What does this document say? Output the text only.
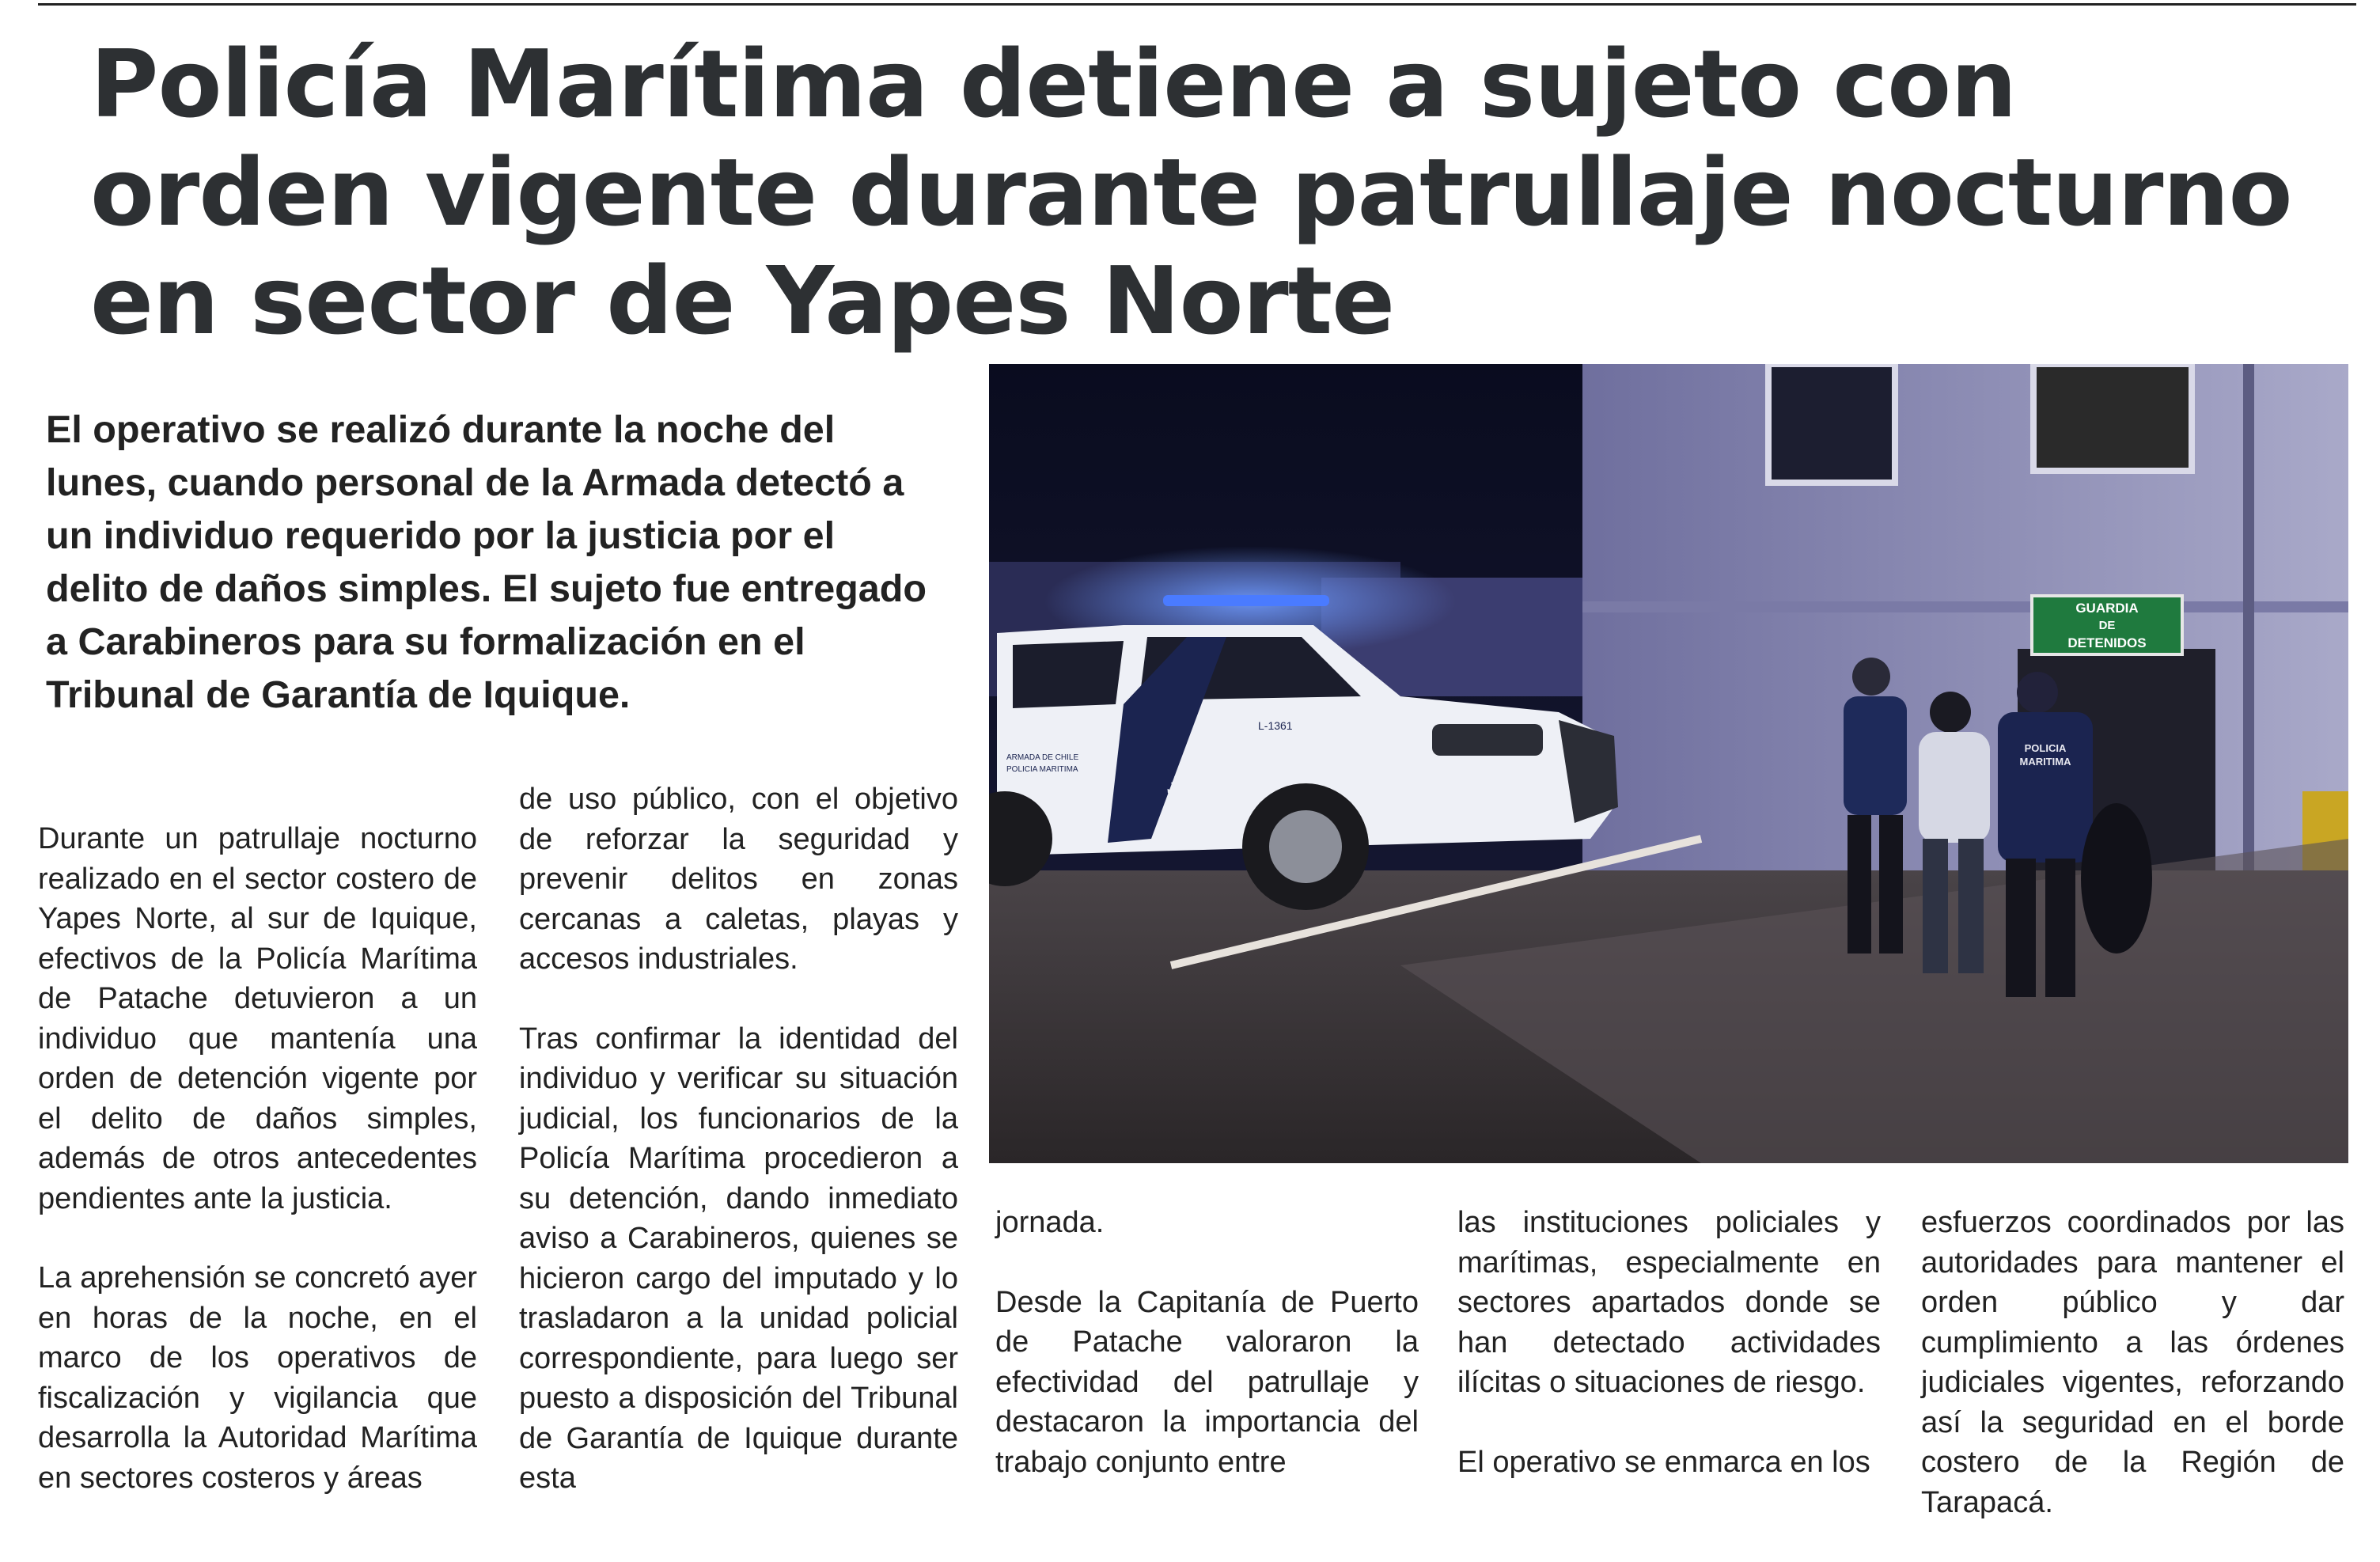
Policía Marítima detiene a sujeto con orden vigente durante patrullaje nocturno en sector de Yapes Norte

El operativo se realizó durante la noche del lunes, cuando personal de la Armada detectó a un individuo requerido por la justicia por el delito de daños simples. El sujeto fue entregado a Carabineros para su formalización en el Tribunal de Garantía de Iquique.

Durante un patrullaje nocturno realizado en el sector costero de Yapes Norte, al sur de Iquique, efectivos de la Policía Marítima de Patache detuvieron a un individuo que mantenía una orden de detención vigente por el delito de daños simples, además de otros antecedentes pendientes ante la justicia.

La aprehensión se concretó ayer en horas de la noche, en el marco de los operativos de fiscalización y vigilancia que desarrolla la Autoridad Marítima en sectores costeros y áreas

de uso público, con el objetivo de reforzar la seguridad y prevenir delitos en zonas cercanas a caletas, playas y accesos industriales.

Tras confirmar la identidad del individuo y verificar su situación judicial, los funcionarios de la Policía Marítima procedieron a su detención, dando inmediato aviso a Carabineros, quienes se hicieron cargo del imputado y lo trasladaron a la unidad policial correspondiente, para luego ser puesto a disposición del Tribunal de Garantía de Iquique durante esta

jornada.

Desde la Capitanía de Puerto de Patache valoraron la efectividad del patrullaje y destacaron la importancia del trabajo conjunto entre

las instituciones policiales y marítimas, especialmente en sectores apartados donde se han detectado actividades ilícitas o situaciones de riesgo.

El operativo se enmarca en los

esfuerzos coordinados por las autoridades para mantener el orden público y dar cumplimiento a las órdenes judiciales vigentes, reforzando así la seguridad en el borde costero de la Región de Tarapacá.

GUARDIA
DE
DETENIDOS
L-1361
ARMADA DE CHILE
POLICIA MARITIMA
⚓
POLICIA
MARITIMA
